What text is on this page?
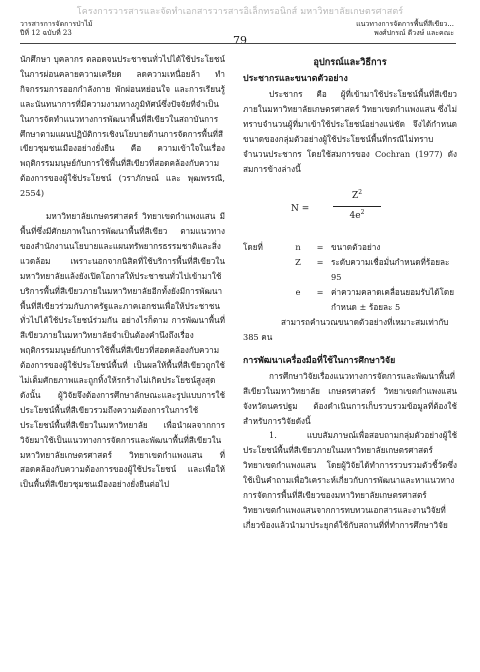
โครงการวารสารและจัดทำเอกสารวารสารอิเล็กทรอนิกส์ มหาวิทยาลัยเกษตรศาสตร์
วารสารการจัดการป่าไม้
ปีที่ 12 ฉบับที่ 23
79
แนวทางการจัดการพื้นที่สีเขียว...
พงศ์ปกรณ์ ดีวงษ์ และคณะ

นักศึกษา บุคลากร ตลอดจนประชาชนทั่วไปได้ใช้ประโยชน์ในการผ่อนคลายความเครียด ลดความเหนื่อยล้า ทำกิจกรรมการออกกำลังกาย พักผ่อนหย่อนใจ และการเรียนรู้และนันทนาการที่มีความงามทางภูมิทัศน์ซึ่งปัจจัยที่จำเป็นในการจัดทำแนวทางการพัฒนาพื้นที่สีเขียวในสถาบันการศึกษาตามแผนปฏิบัติการเชิงนโยบายด้านการจัดการพื้นที่สีเขียวชุมชนเมืองอย่างยั่งยืน คือ ความเข้าใจในเรื่องพฤติกรรมมนุษย์กับการใช้พื้นที่สีเขียวที่สอดคล้องกับความต้องการของผู้ใช้ประโยชน์ (วราภักษณ์ และ พุฒพรรณี, 2554)

มหาวิทยาลัยเกษตรศาสตร์ วิทยาเขตกำแพงแสน มีพื้นที่ซึ่งมีศักยภาพในการพัฒนาพื้นที่สีเขียว ตามแนวทางของสำนักงานนโยบายและแผนทรัพยากรธรรมชาติและสิ่งแวดล้อม เพราะนอกจากนิสิตที่ใช้บริการพื้นที่สีเขียวในมหาวิทยาลัยแล้งยังเปิดโอกาสให้ประชาชนทั่วไปเข้ามาใช้บริการพื้นที่สีเขียวภายในมหาวิทยาลัยอีกทั้งยังมีการพัฒนาพื้นที่สีเขียวร่วมกับภาครัฐและภาคเอกชนเพื่อให้ประชาชนทั่วไปได้ใช้ประโยชน์ร่วมกัน อย่างไรก็ตาม การพัฒนาพื้นที่สีเขียวภายในมหาวิทยาลัยจำเป็นต้องคำนึงถึงเรื่องพฤติกรรมมนุษย์กับการใช้พื้นที่สีเขียวที่สอดคล้องกับความต้องการของผู้ใช้ประโยชน์พื้นที่ เป็นผลให้พื้นที่สีเขียวถูกใช้ไม่เต็มศักยภาพและถูกทิ้งให้รกร้างไม่เกิดประโยชน์สูงสุด ดังนั้น ผู้วิจัยจึงต้องการศึกษาลักษณะและรูปแบบการใช้ประโยชน์พื้นที่สีเขียวรวมถึงความต้องการในการใช้ประโยชน์พื้นที่สีเขียวในมหาวิทยาลัย เพื่อนำผลจากการวิจัยมาใช้เป็นแนวทางการจัดการและพัฒนาพื้นที่สีเขียวในมหาวิทยาลัยเกษตรศาสตร์ วิทยาเขตกำแพงแสน ที่สอดคล้องกับความต้องการของผู้ใช้ประโยชน์ และเพื่อให้เป็นพื้นที่สีเขียวชุมชนเมืองอย่างยั่งยืนต่อไป

อุปกรณ์และวิธีการ
ประชากรและขนาดตัวอย่าง

ประชากร คือ ผู้ที่เข้ามาใช้ประโยชน์พื้นที่สีเขียว ภายในมหาวิทยาลัยเกษตรศาสตร์ วิทยาเขตกำแพงแสน ซึ่งไม่ทราบจำนวนผู้ที่มาเข้าใช้ประโยชน์อย่างแน่ชัด จึงได้กำหนดขนาดของกลุ่มตัวอย่างผู้ใช้ประโยชน์พื้นที่กรณีไม่ทราบจำนวนประชากร โดยใช้สมการของ Cochran (1977) ดังสมการข้างล่างนี้

N =
$Z^2$
$4e^2$
โดยที่	n	= ขนาดตัวอย่าง
Z	= ระดับความเชื่อมั่นกำหนดที่ร้อยละ 95
e	= ค่าความคลาดเคลื่อนยอมรับได้โดยกำหนด ± ร้อยละ 5

สามารถคำนวณขนาดตัวอย่างที่เหมาะสมเท่ากับ 385 คน

การพัฒนาเครื่องมือที่ใช้ในการศึกษาวิจัย

การศึกษาวิจัยเรื่องแนวทางการจัดการและพัฒนาพื้นที่สีเขียวในมหาวิทยาลัย เกษตรศาสตร์ วิทยาเขตกำแพงแสน จังหวัดนครปฐม ต้องดำเนินการเก็บรวบรวมข้อมูลที่ต้องใช้สำหรับการวิจัยดังนี้

1. แบบสัมภาษณ์เพื่อสอบถามกลุ่มตัวอย่างผู้ใช้ประโยชน์พื้นที่สีเขียวภายในมหาวิทยาลัยเกษตรศาสตร์ วิทยาเขตกำแพงแสน โดยผู้วิจัยได้ทำการรวบรวมตัวชี้วัดซึ่งใช้เป็นคำถามเพื่อวิเคราะห์เกี่ยวกับการพัฒนาและหาแนวทางการจัดการพื้นที่สีเขียวของมหาวิทยาลัยเกษตรศาสตร์ วิทยาเขตกำแพงแสนจากการทบทวนเอกสารและงานวิจัยที่เกี่ยวข้องแล้วนำมาประยุกต์ใช้กับสถานที่ที่ทำการศึกษาวิจัย
